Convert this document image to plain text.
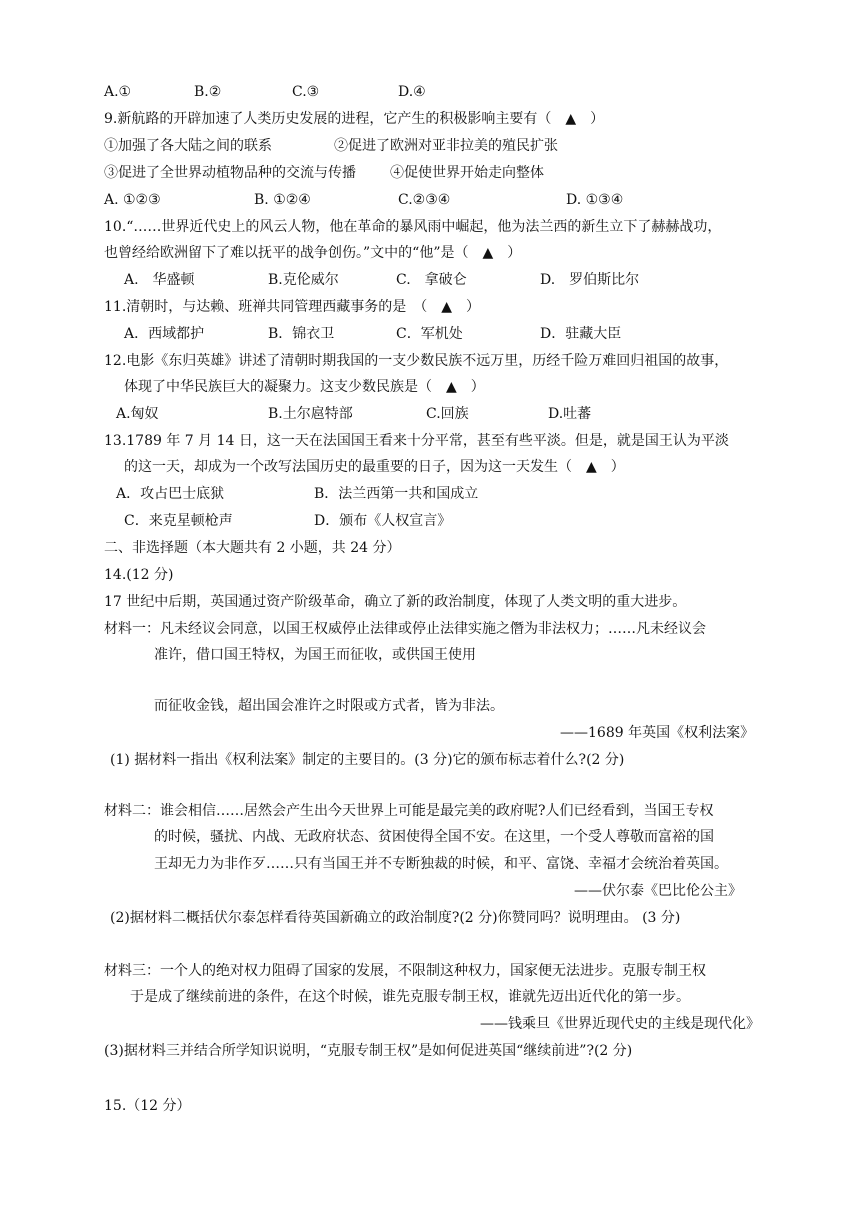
A.①	B.②	C.③	D.④
9.新航路的开辟加速了人类历史发展的进程，它产生的积极影响主要有（　▲　）
①加强了各大陆之间的联系	②促进了欧洲对亚非拉美的殖民扩张
③促进了全世界动植物品种的交流与传播 ④促使世界开始走向整体
A. ①②③	B. ①②④	C.②③④	D. ①③④
10.“……世界近代史上的风云人物，他在革命的暴风雨中崛起，他为法兰西的新生立下了赫赫战功，
也曾经给欧洲留下了难以抚平的战争创伤。”文中的“他”是（　▲　）
A.　华盛顿	B.克伦威尔	C.　拿破仑	D.　罗伯斯比尔
11.清朝时，与达赖、班禅共同管理西藏事务的是　（　▲　）
A．西域都护	B．锦衣卫	C．军机处	D．驻藏大臣
12.电影《东归英雄》讲述了清朝时期我国的一支少数民族不远万里，历经千险万难回归祖国的故事，
体现了中华民族巨大的凝聚力。这支少数民族是（　▲　）
A.匈奴	B.土尔扈特部	C.回族	D.吐蕃
13.1789 年 7 月 14 日，这一天在法国国王看来十分平常，甚至有些平淡。但是，就是国王认为平淡
的这一天，却成为一个改写法国历史的最重要的日子，因为这一天发生（　▲　）
A．攻占巴士底狱	B．法兰西第一共和国成立
C．来克星顿枪声	D．颁布《人权宣言》
二、非选择题（本大题共有 2 小题，共 24 分）
14.(12 分)
17 世纪中后期，英国通过资产阶级革命，确立了新的政治制度，体现了人类文明的重大进步。
材料一：凡未经议会同意，以国王权威停止法律或停止法律实施之僭为非法权力；……凡未经议会
准许，借口国王特权，为国王而征收，或供国王使用
而征收金钱，超出国会准许之时限或方式者，皆为非法。
——1689 年英国《权利法案》
(1) 据材料一指出《权利法案》制定的主要目的。(3 分)它的颁布标志着什么?(2 分)
材料二：谁会相信……居然会产生出今天世界上可能是最完美的政府呢?人们已经看到，当国王专权
的时候，骚扰、内战、无政府状态、贫困使得全国不安。在这里，一个受人尊敬而富裕的国
王却无力为非作歹……只有当国王并不专断独裁的时候，和平、富饶、幸福才会统治着英国。
——伏尔泰《巴比伦公主》
(2)据材料二概括伏尔泰怎样看待英国新确立的政治制度?(2 分)你赞同吗？说明理由。 (3 分)
材料三：一个人的绝对权力阻碍了国家的发展，不限制这种权力，国家便无法进步。克服专制王权
于是成了继续前进的条件，在这个时候，谁先克服专制王权，谁就先迈出近代化的第一步。
——钱乘旦《世界近现代史的主线是现代化》
(3)据材料三并结合所学知识说明，“克服专制王权”是如何促进英国“继续前进”?(2 分)
15.（12 分）
